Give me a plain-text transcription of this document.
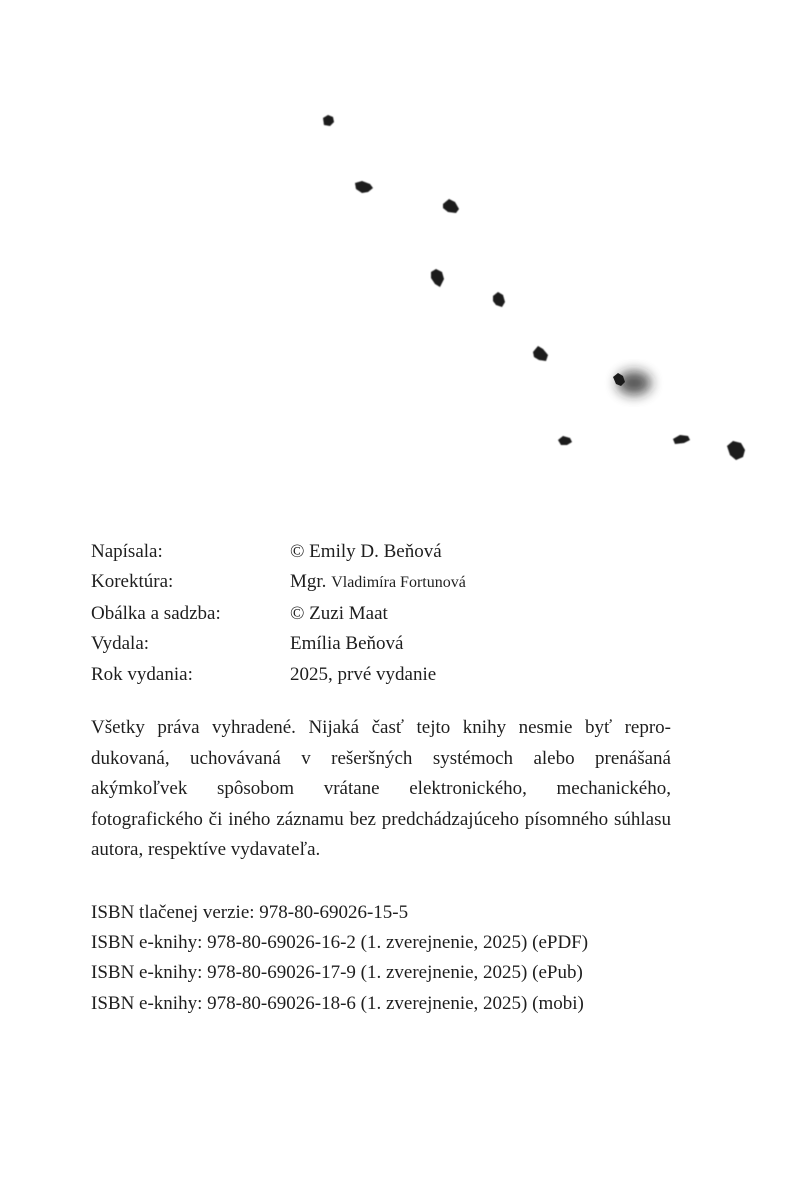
Napísala:	© Emily D. Beňová
Korektúra:	Mgr. Vladimíra Fortunová
Obálka a sadzba:	© Zuzi Maat
Vydala:	Emília Beňová
Rok vydania:	2025, prvé vydanie

Všetky práva vyhradené. Nijaká časť tejto knihy nesmie byť reprodukovaná, uchovávaná v rešeršných systémoch alebo prenášaná akýmkoľvek spôsobom vrátane elektronického, mechanického, fotografického či iného záznamu bez predchádzajúceho písomného súhlasu autora, respektíve vydavateľa.

ISBN tlačenej verzie: 978-80-69026-15-5
ISBN e-knihy: 978-80-69026-16-2 (1. zverejnenie, 2025) (ePDF)
ISBN e-knihy: 978-80-69026-17-9 (1. zverejnenie, 2025) (ePub)
ISBN e-knihy: 978-80-69026-18-6 (1. zverejnenie, 2025) (mobi)
